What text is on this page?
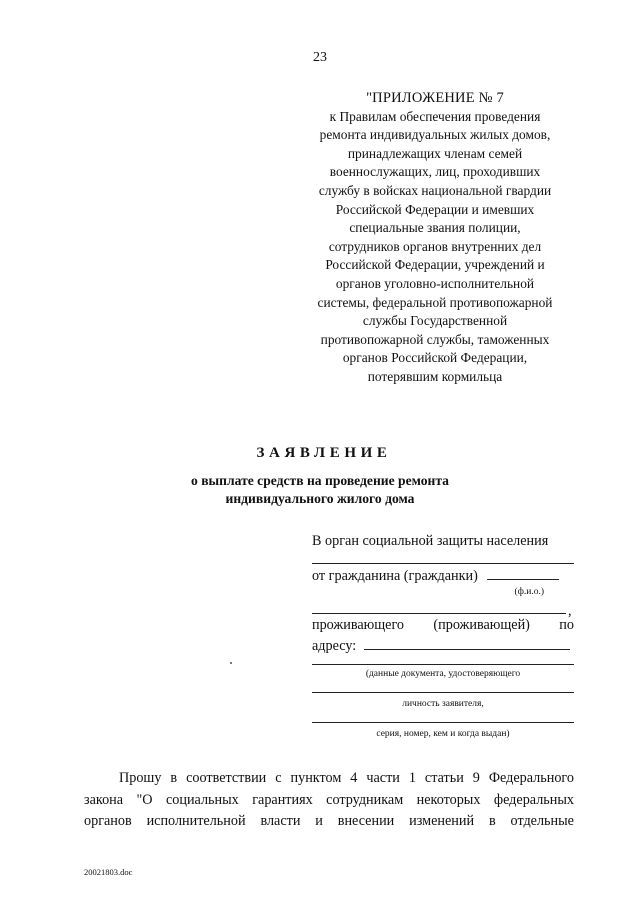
23
"ПРИЛОЖЕНИЕ № 7
к Правилам обеспечения проведения
ремонта индивидуальных жилых домов,
принадлежащих членам семей
военнослужащих, лиц, проходивших
службу в войсках национальной гвардии
Российской Федерации и имевших
специальные звания полиции,
сотрудников органов внутренних дел
Российской Федерации, учреждений и
органов уголовно-исполнительной
системы, федеральной противопожарной
службы Государственной
противопожарной службы, таможенных
органов Российской Федерации,
потерявшим кормильца
ЗАЯВЛЕНИЕ
о выплате средств на проведение ремонта
индивидуального жилого дома
В орган социальной защиты населения
от гражданина (гражданки)
(ф.и.о.)
,
проживающего (проживающей) по
адресу:
(данные документа, удостоверяющего
личность заявителя,
серия, номер, кем и когда выдан)
Прошу в соответствии с пунктом 4 части 1 статьи 9 Федерального
закона "О социальных гарантиях сотрудникам некоторых федеральных
органов исполнительной власти и внесении изменений в отдельные
20021803.doc
